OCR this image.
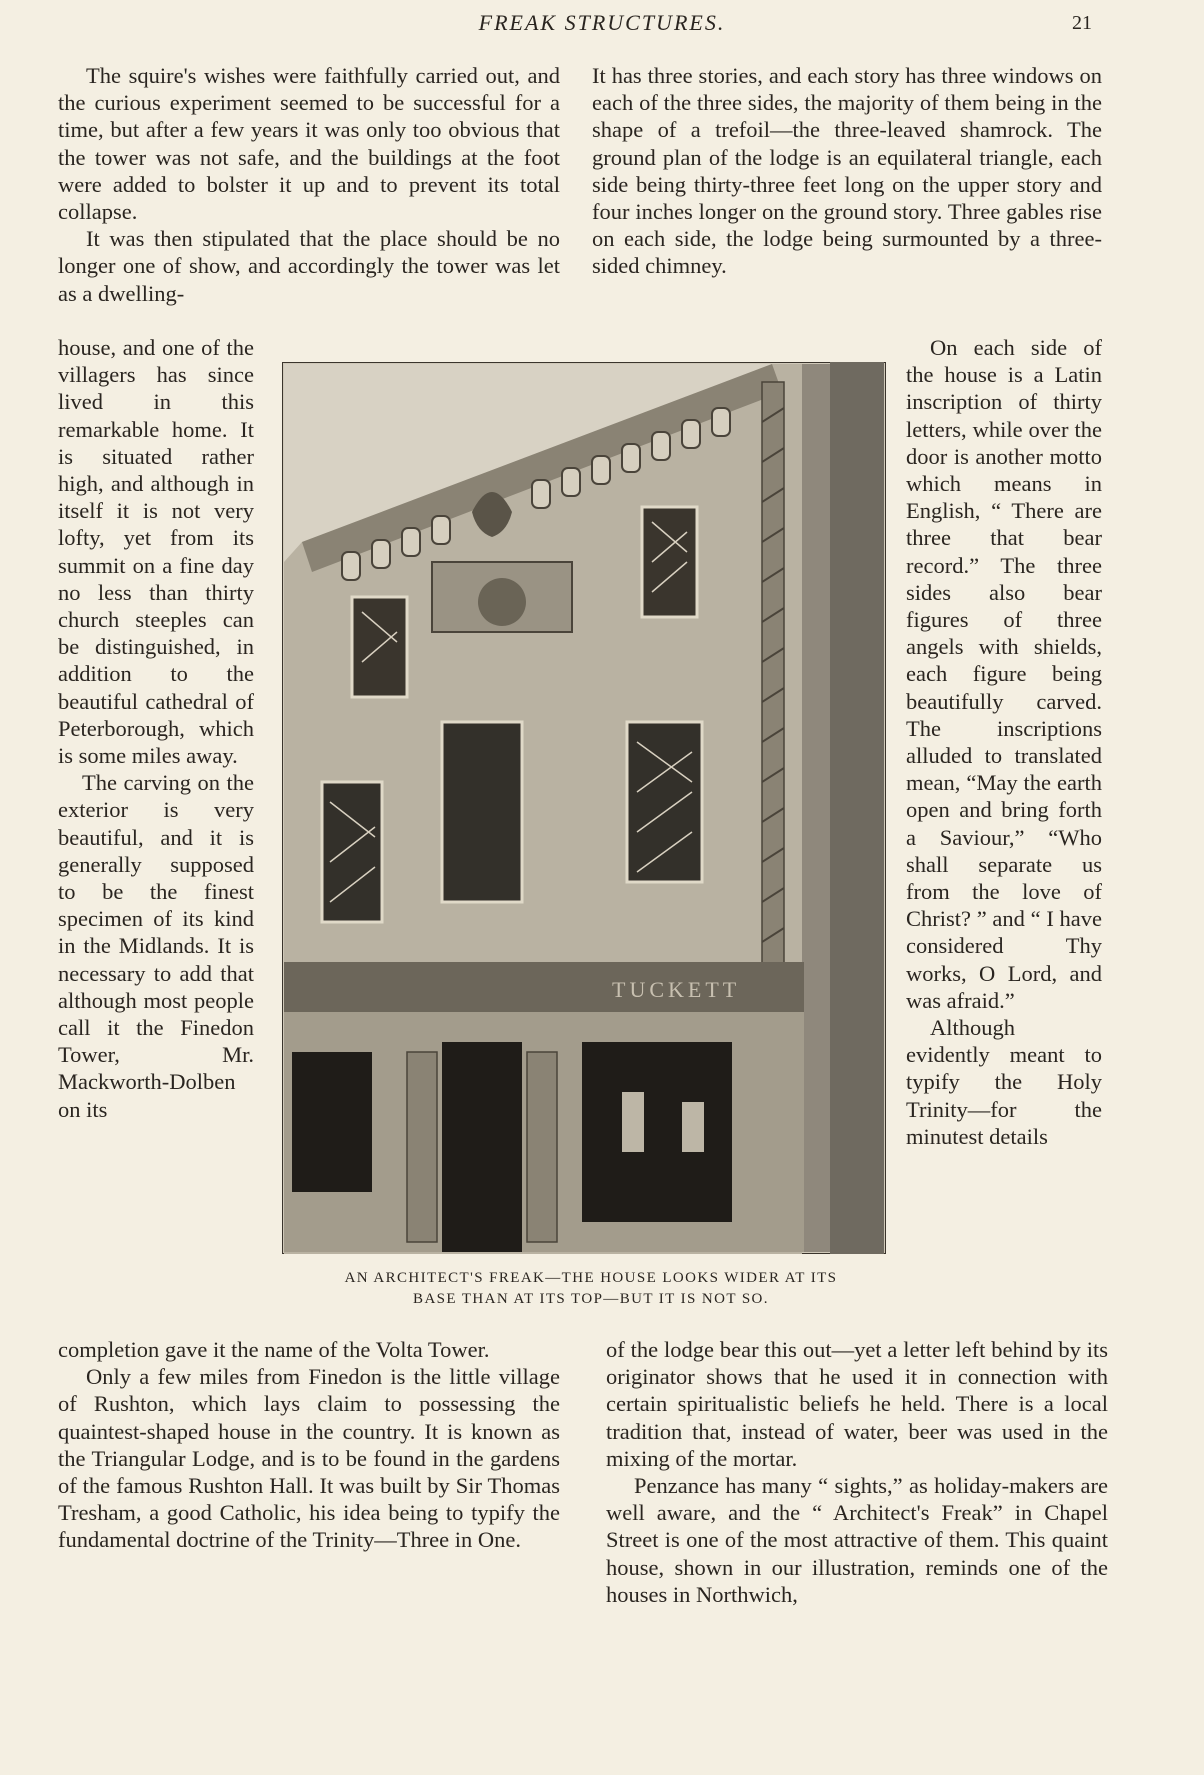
FREAK STRUCTURES.	21

The squire's wishes were faithfully carried out, and the curious experiment seemed to be successful for a time, but after a few years it was only too obvious that the tower was not safe, and the buildings at the foot were added to bolster it up and to prevent its total collapse.

It was then stipulated that the place should be no longer one of show, and accordingly the tower was let as a dwelling-

It has three stories, and each story has three windows on each of the three sides, the majority of them being in the shape of a trefoil—the three-leaved shamrock. The ground plan of the lodge is an equilateral triangle, each side being thirty-three feet long on the upper story and four inches longer on the ground story. Three gables rise on each side, the lodge being surmounted by a three-sided chimney.

house, and one of the villagers has since lived in this remarkable home. It is situated rather high, and although in itself it is not very lofty, yet from its summit on a fine day no less than thirty church steeples can be distinguished, in addition to the beautiful cathedral of Peterborough, which is some miles away.

The carving on the exterior is very beautiful, and it is generally supposed to be the finest specimen of its kind in the Midlands. It is necessary to add that although most people call it the Finedon Tower, Mr. Mackworth-Dolben on its

On each side of the house is a Latin inscription of thirty letters, while over the door is another motto which means in English, “ There are three that bear record.” The three sides also bear figures of three angels with shields, each figure being beautifully carved. The inscriptions alluded to translated mean, “May the earth open and bring forth a Saviour,” “Who shall separate us from the love of Christ? ” and “ I have considered Thy works, O Lord, and was afraid.”

Although evidently meant to typify the Holy Trinity—for the minutest details

completion gave it the name of the Volta Tower.

Only a few miles from Finedon is the little village of Rushton, which lays claim to possessing the quaintest-shaped house in the country. It is known as the Triangular Lodge, and is to be found in the gardens of the famous Rushton Hall. It was built by Sir Thomas Tresham, a good Catholic, his idea being to typify the fundamental doctrine of the Trinity—Three in One.

of the lodge bear this out—yet a letter left behind by its originator shows that he used it in connection with certain spiritualistic beliefs he held. There is a local tradition that, instead of water, beer was used in the mixing of the mortar.

Penzance has many “ sights,” as holiday-makers are well aware, and the “ Architect's Freak” in Chapel Street is one of the most attractive of them. This quaint house, shown in our illustration, reminds one of the houses in Northwich,

TUCKETT
AN ARCHITECT'S FREAK—THE HOUSE LOOKS WIDER AT ITS
BASE THAN AT ITS TOP—BUT IT IS NOT SO.
